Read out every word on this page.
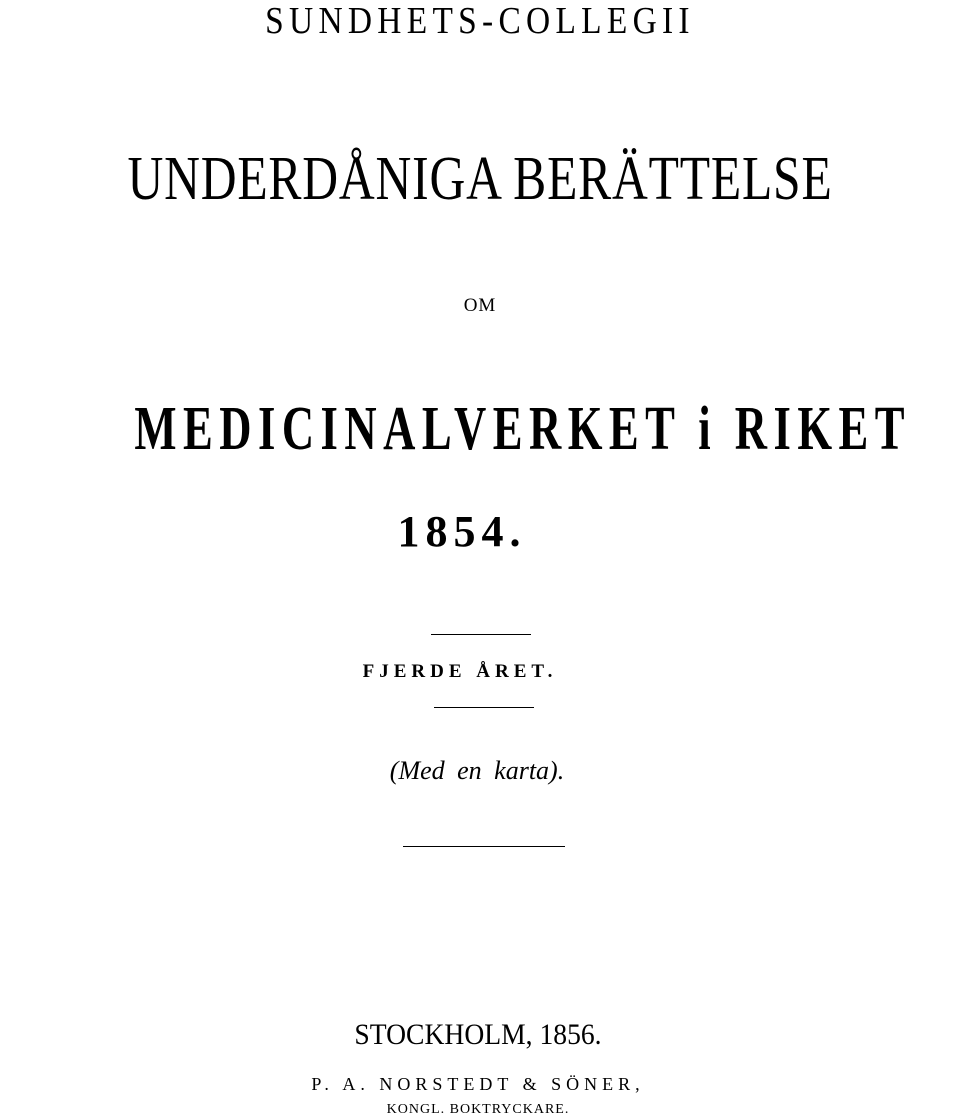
SUNDHETS-COLLEGII
UNDERDÅNIGA BERÄTTELSE
OM
MEDICINALVERKET i RIKET
1854.
FJERDE ÅRET.
(Med en karta).
STOCKHOLM, 1856.
P. A. NORSTEDT & SÖNER,
KONGL. BOKTRYCKARE.
